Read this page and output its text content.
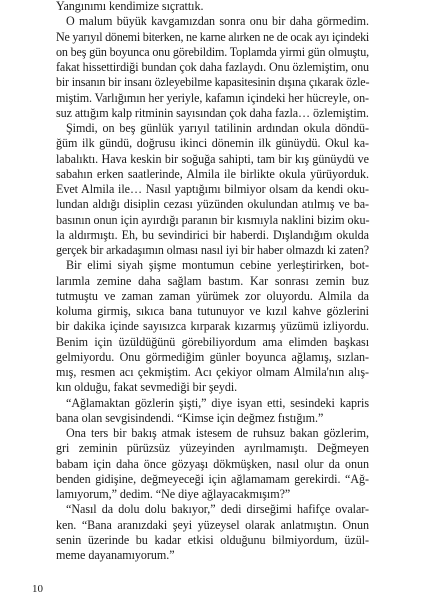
Yangınımı kendimize sıçrattık.

O malum büyük kavgamızdan sonra onu bir daha görmedim.

Ne yarıyıl dönemi biterken, ne karne alırken ne de ocak ayı içindeki

on beş gün boyunca onu görebildim. Toplamda yirmi gün olmuştu,

fakat hissettirdiği bundan çok daha fazlaydı. Onu özlemiştim, onu

bir insanın bir insanı özleyebilme kapasitesinin dışına çıkarak özle-

miştim. Varlığımın her yeriyle, kafamın içindeki her hücreyle, on-

suz attığım kalp ritminin sayısından çok daha fazla… özlemiştim.

Şimdi, on beş günlük yarıyıl tatilinin ardından okula döndü-

ğüm ilk gündü, doğrusu ikinci dönemin ilk günüydü. Okul ka-

labalıktı. Hava keskin bir soğuğa sahipti, tam bir kış günüydü ve

sabahın erken saatlerinde, Almila ile birlikte okula yürüyorduk.

Evet Almila ile… Nasıl yaptığımı bilmiyor olsam da kendi oku-

lundan aldığı disiplin cezası yüzünden okulundan atılmış ve ba-

basının onun için ayırdığı paranın bir kısmıyla naklini bizim oku-

la aldırmıştı. Eh, bu sevindirici bir haberdi. Dışlandığım okulda

gerçek bir arkadaşımın olması nasıl iyi bir haber olmazdı ki zaten?

Bir elimi siyah şişme montumun cebine yerleştirirken, bot-

larımla zemine daha sağlam bastım. Kar sonrası zemin buz

tutmuştu ve zaman zaman yürümek zor oluyordu. Almila da

koluma girmiş, sıkıca bana tutunuyor ve kızıl kahve gözlerini

bir dakika içinde sayısızca kırparak kızarmış yüzümü izliyordu.

Benim için üzüldüğünü görebiliyordum ama elimden başkası

gelmiyordu. Onu görmediğim günler boyunca ağlamış, sızlan-

mış, resmen acı çekmiştim. Acı çekiyor olmam Almila'nın alış-

kın olduğu, fakat sevmediği bir şeydi.

“Ağlamaktan gözlerin şişti,” diye isyan etti, sesindeki kapris

bana olan sevgisindendi. “Kimse için değmez fıstığım.”

Ona ters bir bakış atmak istesem de ruhsuz bakan gözlerim,

gri zeminin pürüzsüz yüzeyinden ayrılmamıştı. Değmeyen

babam için daha önce gözyaşı dökmüşken, nasıl olur da onun

benden gidişine, değmeyeceği için ağlamamam gerekirdi. “Ağ-

lamıyorum,” dedim. “Ne diye ağlayacakmışım?”

“Nasıl da dolu dolu bakıyor,” dedi dirseğimi hafifçe ovalar-

ken. “Bana aranızdaki şeyi yüzeysel olarak anlatmıştın. Onun

senin üzerinde bu kadar etkisi olduğunu bilmiyordum, üzül-

meme dayanamıyorum.”

10
